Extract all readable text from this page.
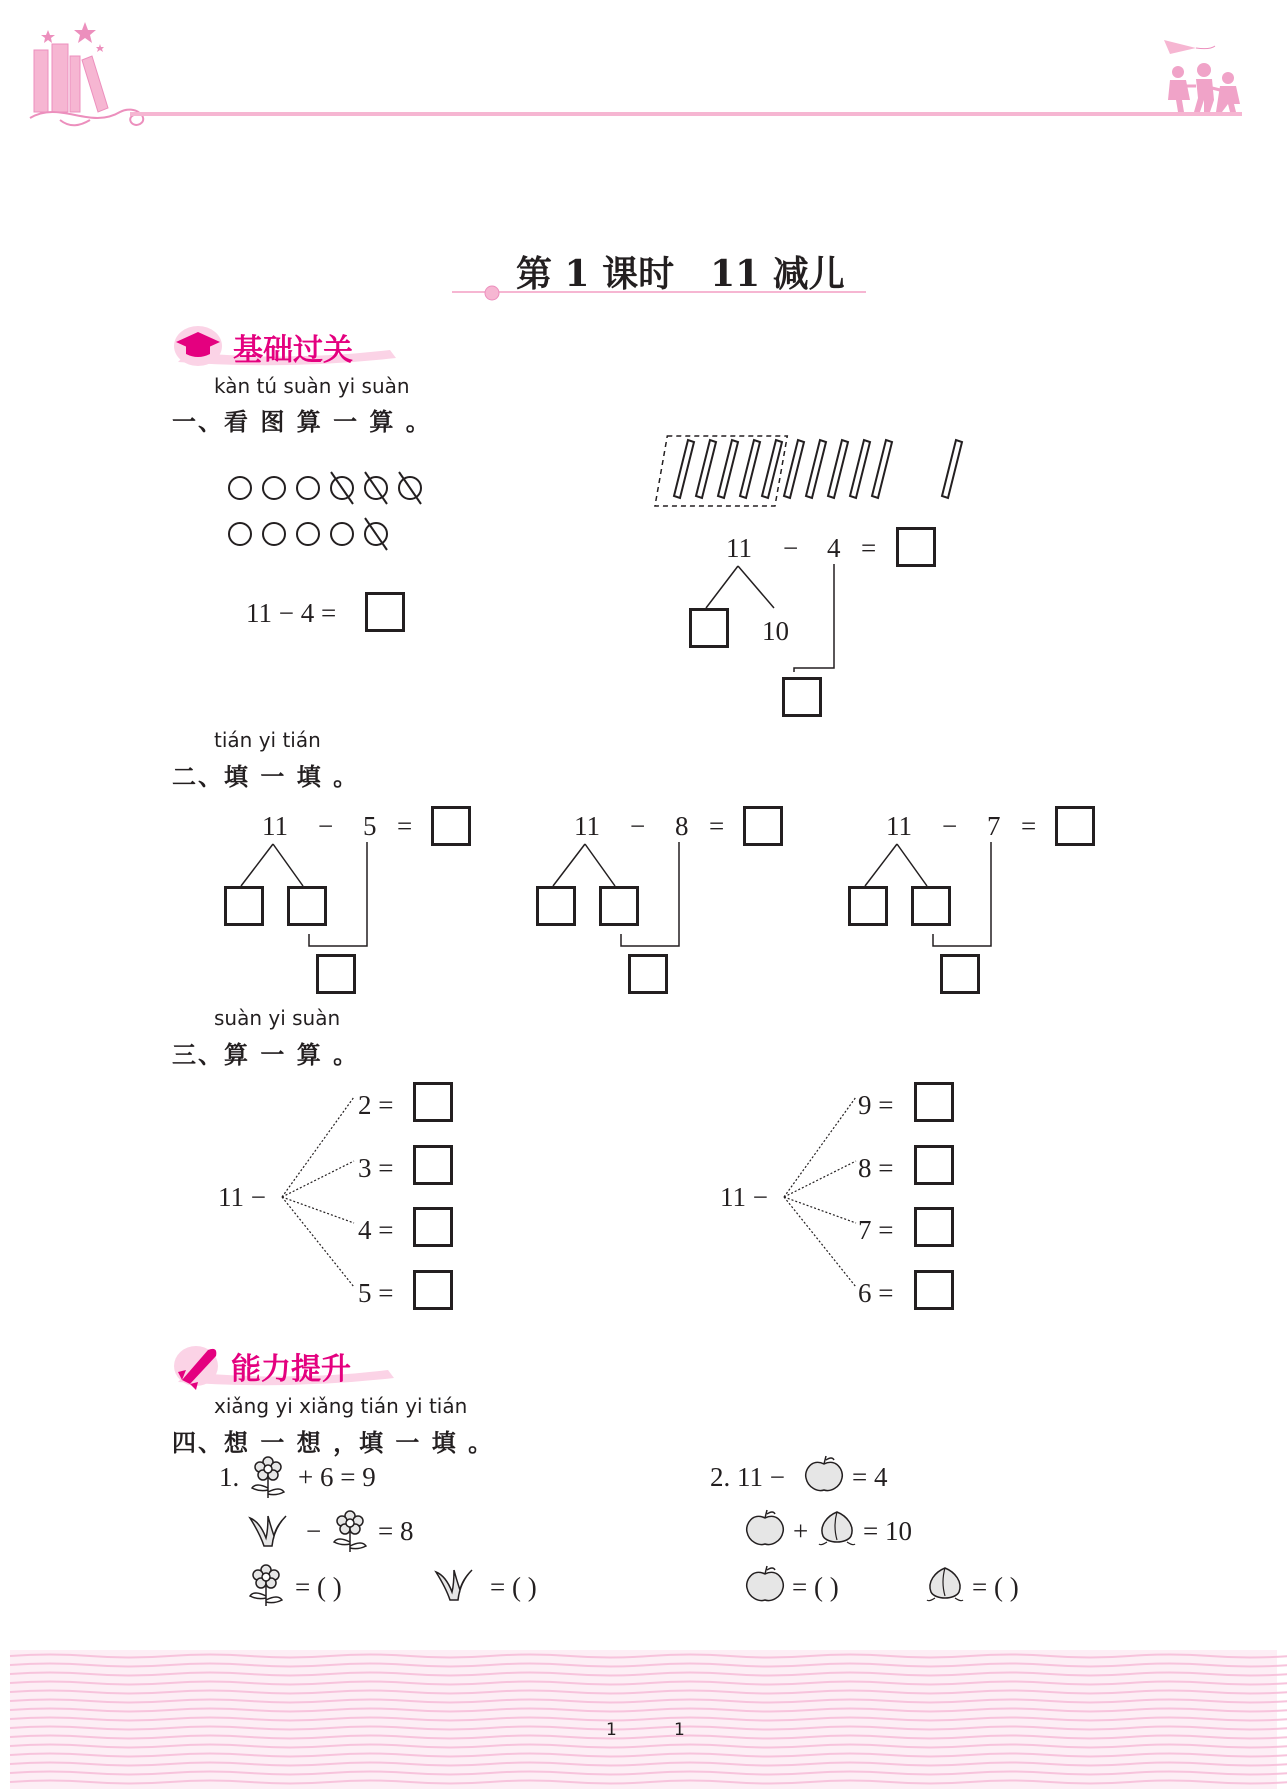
第 1 课时　11 减儿
基础过关
kàn tú suàn yi suàn
一、看 图 算 一 算 。
11 − 4 =
11 − 4 =
10
tián yi tián
二、填 一 填 。
11 − 5 =	11 − 8 =	11 − 7 =
suàn yi suàn
三、算 一 算 。
11 −
2 =
3 =
4 =
5 =
11 −
9 =
8 =
7 =
6 =
能力提升
xiǎng yi xiǎng tián yi tián
四、想 一 想 ，填 一 填 。
1. + 6 = 9
− = 8
= ( )	= ( )
2. 11 − = 4
+ = 10
= ( )	= ( )
1	1
